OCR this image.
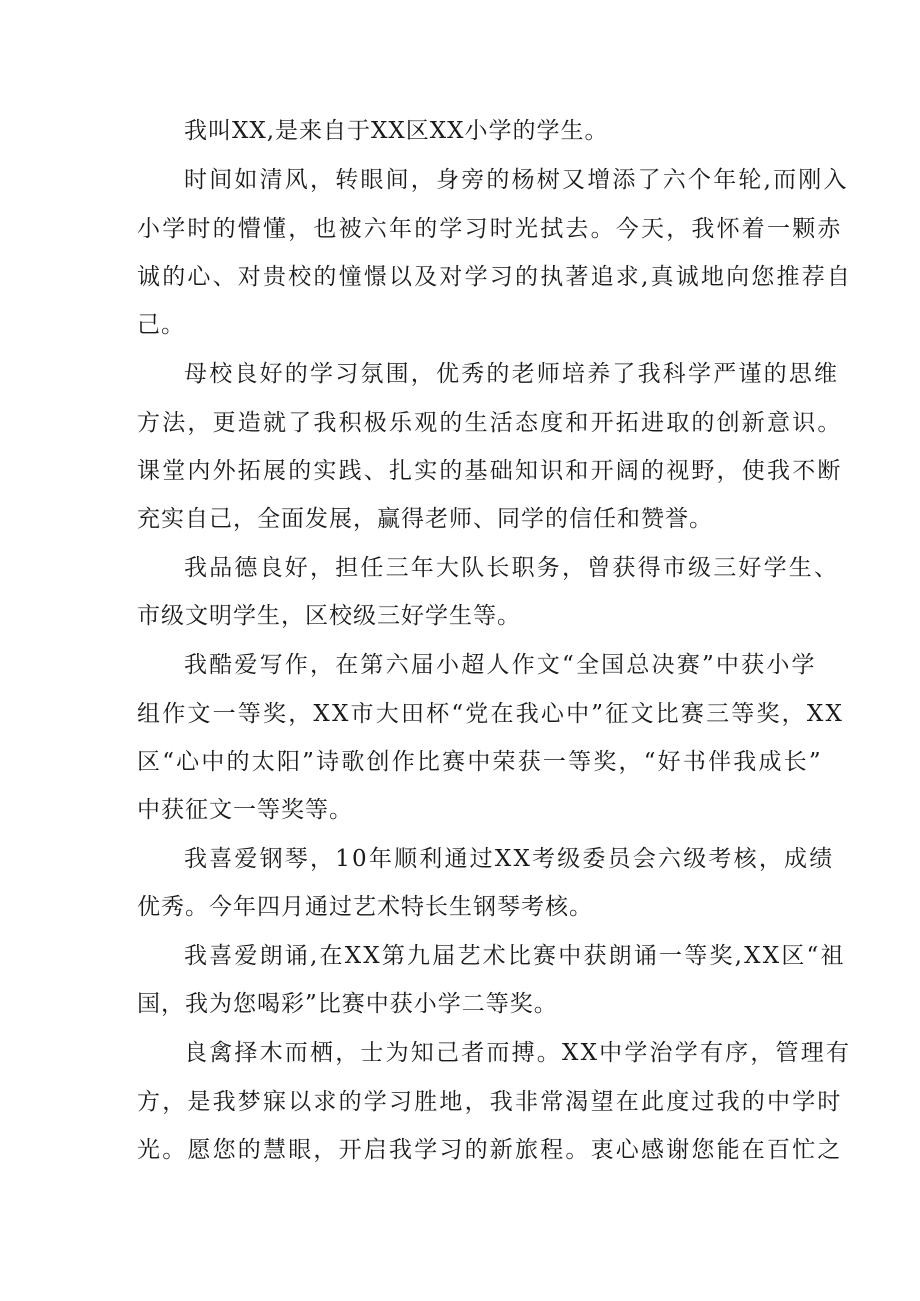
我叫XX,是来自于XX区XX小学的学生。
时间如清风，转眼间，身旁的杨树又增添了六个年轮,而刚入
小学时的懵懂，也被六年的学习时光拭去。今天，我怀着一颗赤
诚的心、对贵校的憧憬以及对学习的执著追求,真诚地向您推荐自
己。
母校良好的学习氛围，优秀的老师培养了我科学严谨的思维
方法，更造就了我积极乐观的生活态度和开拓进取的创新意识。
课堂内外拓展的实践、扎实的基础知识和开阔的视野，使我不断
充实自己，全面发展，赢得老师、同学的信任和赞誉。
我品德良好，担任三年大队长职务，曾获得市级三好学生、
市级文明学生，区校级三好学生等。
我酷爱写作，在第六届小超人作文“全国总决赛”中获小学
组作文一等奖，XX市大田杯“党在我心中”征文比赛三等奖，XX
区“心中的太阳”诗歌创作比赛中荣获一等奖，“好书伴我成长”
中获征文一等奖等。
我喜爱钢琴，10年顺利通过XX考级委员会六级考核，成绩
优秀。今年四月通过艺术特长生钢琴考核。
我喜爱朗诵,在XX第九届艺术比赛中获朗诵一等奖,XX区“祖
国，我为您喝彩”比赛中获小学二等奖。
良禽择木而栖，士为知己者而搏。XX中学治学有序，管理有
方，是我梦寐以求的学习胜地，我非常渴望在此度过我的中学时
光。愿您的慧眼，开启我学习的新旅程。衷心感谢您能在百忙之
